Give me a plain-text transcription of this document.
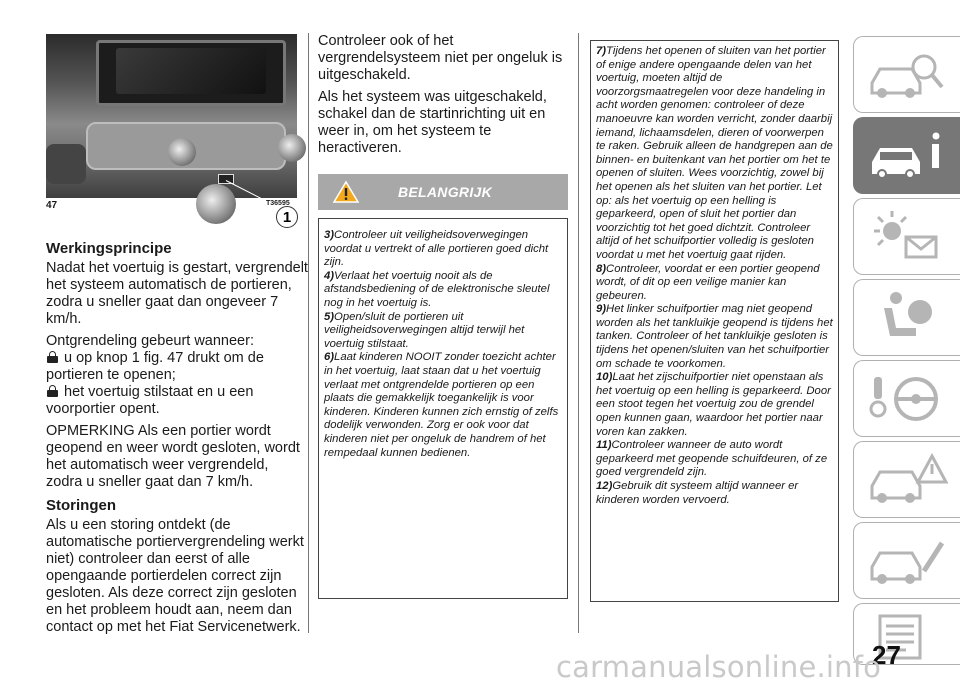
1
47	T36595
Werkingsprincipe

Nadat het voertuig is gestart, vergrendelt het systeem automatisch de portieren, zodra u sneller gaat dan ongeveer 7 km/h.

Ontgrendeling gebeurt wanneer:

u op knop 1 fig. 47 drukt om de
portieren te openen;

het voertuig stilstaat en u een
voorportier opent.

OPMERKING Als een portier wordt geopend en weer wordt gesloten, wordt het automatisch weer vergrendeld, zodra u sneller gaat dan 7 km/h.

Storingen

Als u een storing ontdekt (de automatische portiervergrendeling werkt niet) controleer dan eerst of alle opengaande portierdelen correct zijn gesloten. Als deze correct zijn gesloten en het probleem houdt aan, neem dan contact op met het Fiat Servicenetwerk.

Controleer ook of het vergrendelsysteem niet per ongeluk is uitgeschakeld.

Als het systeem was uitgeschakeld, schakel dan de startinrichting uit en weer in, om het systeem te heractiveren.

BELANGRIJK
3)Controleer uit veiligheidsoverwegingen voordat u vertrekt of alle portieren goed dicht zijn.
4)Verlaat het voertuig nooit als de afstandsbediening of de elektronische sleutel nog in het voertuig is.
5)Open/sluit de portieren uit veiligheidsoverwegingen altijd terwijl het voertuig stilstaat.
6)Laat kinderen NOOIT zonder toezicht achter in het voertuig, laat staan dat u het voertuig verlaat met ontgrendelde portieren op een plaats die gemakkelijk toegankelijk is voor kinderen. Kinderen kunnen zich ernstig of zelfs dodelijk verwonden. Zorg er ook voor dat kinderen niet per ongeluk de handrem of het rempedaal kunnen bedienen.
7)Tijdens het openen of sluiten van het portier of enige andere opengaande delen van het voertuig, moeten altijd de voorzorgsmaatregelen voor deze handeling in acht worden genomen: controleer of deze manoeuvre kan worden verricht, zonder daarbij iemand, lichaamsdelen, dieren of voorwerpen te raken. Gebruik alleen de handgrepen aan de binnen- en buitenkant van het portier om het te openen of sluiten. Wees voorzichtig, zowel bij het openen als het sluiten van het portier. Let op: als het voertuig op een helling is geparkeerd, open of sluit het portier dan voorzichtig tot het goed dichtzit. Controleer altijd of het schuifportier volledig is gesloten voordat u met het voertuig gaat rijden.
8)Controleer, voordat er een portier geopend wordt, of dit op een veilige manier kan gebeuren.
9)Het linker schuifportier mag niet geopend worden als het tankluikje geopend is tijdens het tanken. Controleer of het tankluikje gesloten is tijdens het openen/sluiten van het schuifportier om schade te voorkomen.
10)Laat het zijschuifportier niet openstaan als het voertuig op een helling is geparkeerd. Door een stoot tegen het voertuig zou de grendel open kunnen gaan, waardoor het portier naar voren kan zakken.
11)Controleer wanneer de auto wordt geparkeerd met geopende schuifdeuren, of ze goed vergrendeld zijn.
12)Gebruik dit systeem altijd wanneer er kinderen worden vervoerd.
27
carmanualsonline.info
